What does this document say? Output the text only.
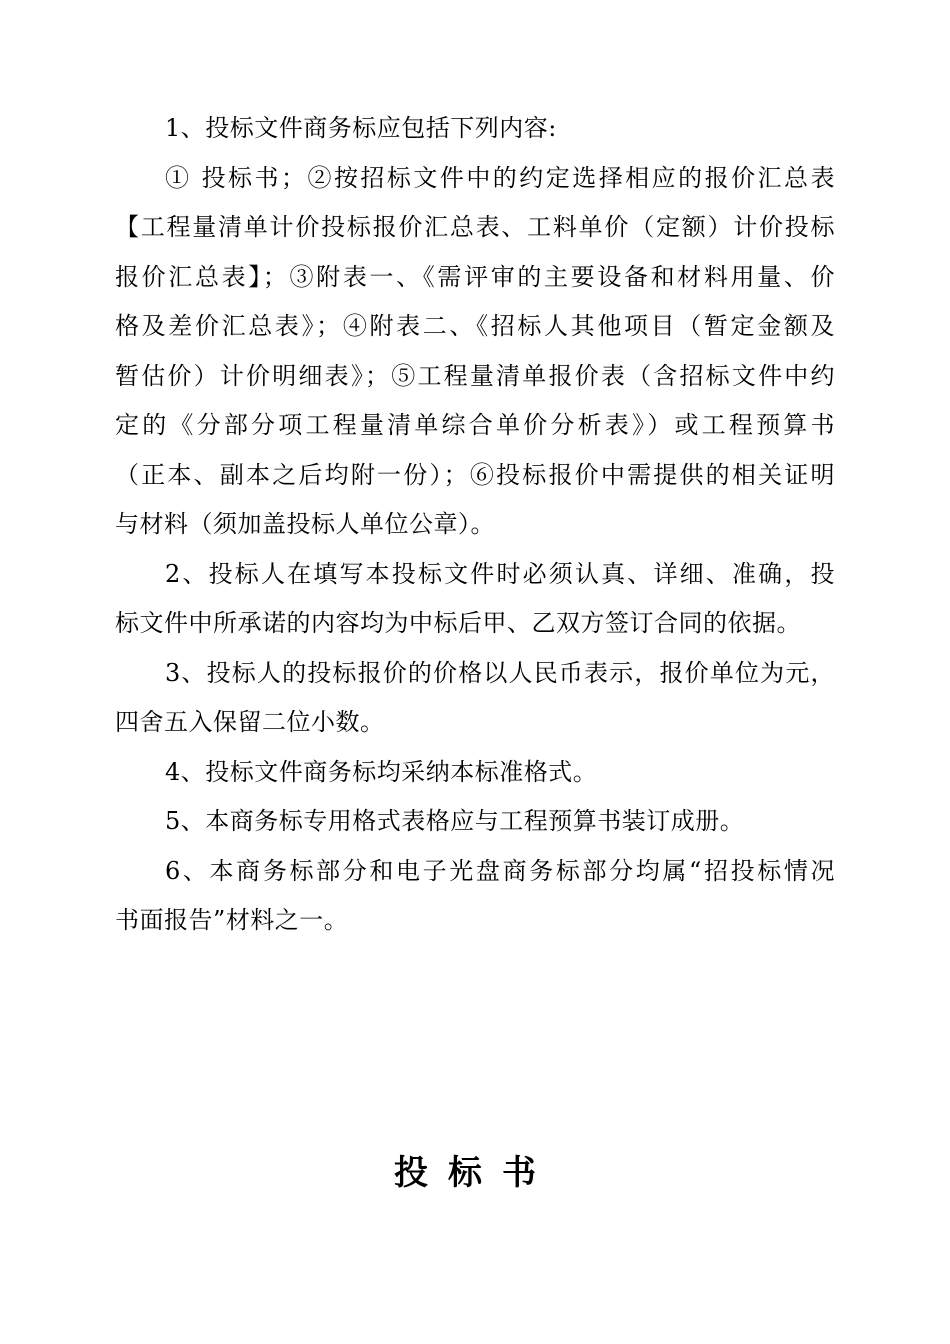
1、投标文件商务标应包括下列内容:

① 投标书；②按招标文件中的约定选择相应的报价汇总表
【工程量清单计价投标报价汇总表、工料单价（定额）计价投标
报价汇总表】；③附表一、《需评审的主要设备和材料用量、价
格及差价汇总表》；④附表二、《招标人其他项目（暂定金额及
暂估价）计价明细表》；⑤工程量清单报价表（含招标文件中约
定的《分部分项工程量清单综合单价分析表》）或工程预算书
（正本、副本之后均附一份）；⑥投标报价中需提供的相关证明
与材料（须加盖投标人单位公章）。

2、投标人在填写本投标文件时必须认真、详细、准确，投
标文件中所承诺的内容均为中标后甲、乙双方签订合同的依据。

3、投标人的投标报价的价格以人民币表示，报价单位为元，
四舍五入保留二位小数。

4、投标文件商务标均采纳本标准格式。

5、本商务标专用格式表格应与工程预算书装订成册。

6、本商务标部分和电子光盘商务标部分均属“招投标情况
书面报告”材料之一。

投标书
